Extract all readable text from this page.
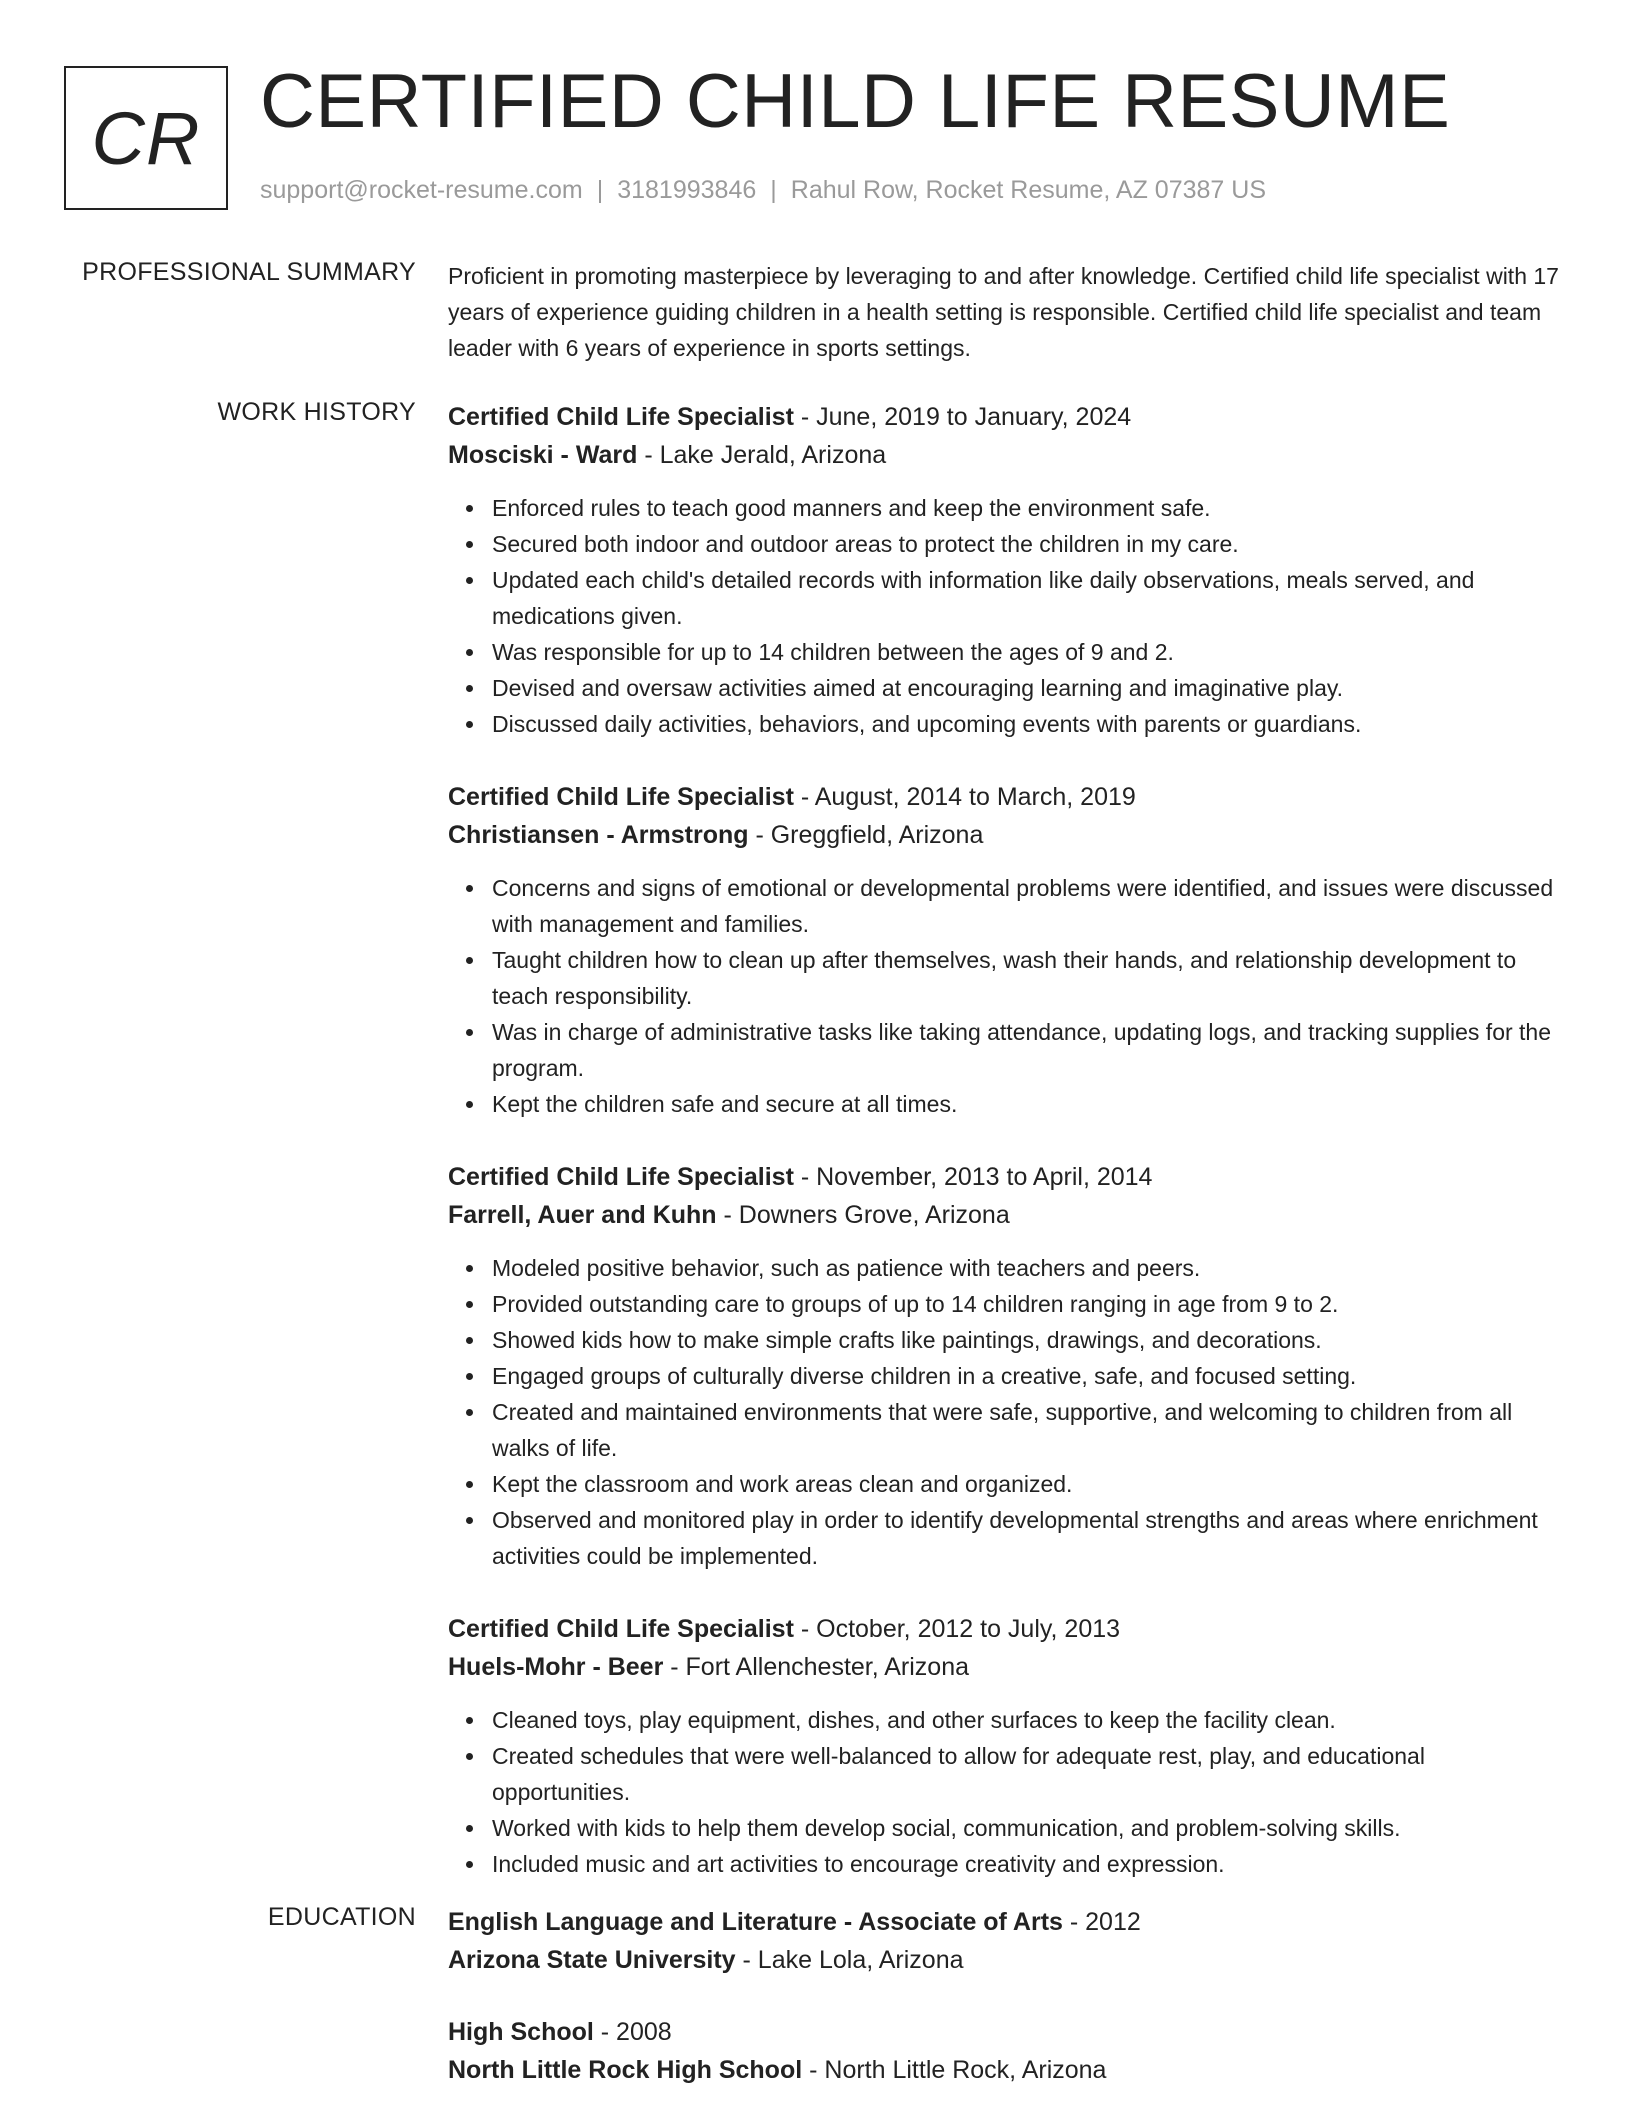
CR CERTIFIED CHILD LIFE RESUME
support@rocket-resume.com | 3181993846 | Rahul Row, Rocket Resume, AZ 07387 US
PROFESSIONAL SUMMARY Proficient in promoting masterpiece by leveraging to and after knowledge. Certified child life specialist with 17 years of experience guiding children in a health setting is responsible. Certified child life specialist and team leader with 6 years of experience in sports settings.

WORK HISTORY Certified Child Life Specialist - June, 2019 to January, 2024
Mosciski - Ward - Lake Jerald, Arizona
Enforced rules to teach good manners and keep the environment safe.
Secured both indoor and outdoor areas to protect the children in my care.
Updated each child's detailed records with information like daily observations, meals served, and medications given.
Was responsible for up to 14 children between the ages of 9 and 2.
Devised and oversaw activities aimed at encouraging learning and imaginative play.
Discussed daily activities, behaviors, and upcoming events with parents or guardians.
Certified Child Life Specialist - August, 2014 to March, 2019
Christiansen - Armstrong - Greggfield, Arizona
Concerns and signs of emotional or developmental problems were identified, and issues were discussed with management and families.
Taught children how to clean up after themselves, wash their hands, and relationship development to teach responsibility.
Was in charge of administrative tasks like taking attendance, updating logs, and tracking supplies for the program.
Kept the children safe and secure at all times.
Certified Child Life Specialist - November, 2013 to April, 2014
Farrell, Auer and Kuhn - Downers Grove, Arizona
Modeled positive behavior, such as patience with teachers and peers.
Provided outstanding care to groups of up to 14 children ranging in age from 9 to 2.
Showed kids how to make simple crafts like paintings, drawings, and decorations.
Engaged groups of culturally diverse children in a creative, safe, and focused setting.
Created and maintained environments that were safe, supportive, and welcoming to children from all walks of life.
Kept the classroom and work areas clean and organized.
Observed and monitored play in order to identify developmental strengths and areas where enrichment activities could be implemented.
Certified Child Life Specialist - October, 2012 to July, 2013
Huels-Mohr - Beer - Fort Allenchester, Arizona
Cleaned toys, play equipment, dishes, and other surfaces to keep the facility clean.
Created schedules that were well-balanced to allow for adequate rest, play, and educational opportunities.
Worked with kids to help them develop social, communication, and problem-solving skills.
Included music and art activities to encourage creativity and expression.
EDUCATION English Language and Literature - Associate of Arts - 2012
Arizona State University - Lake Lola, Arizona
High School - 2008
North Little Rock High School - North Little Rock, Arizona
